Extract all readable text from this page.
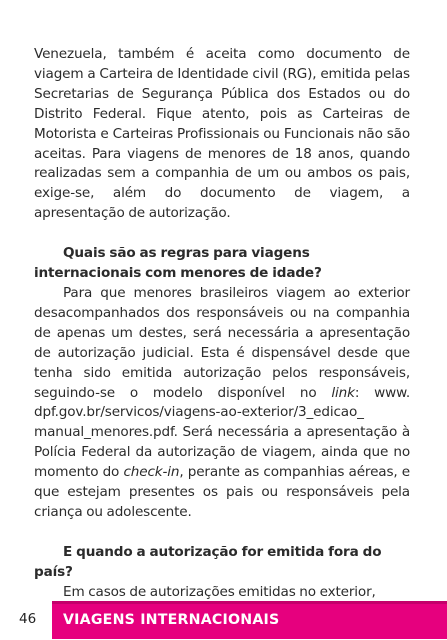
Venezuela, também é aceita como documento de viagem a Carteira de Identidade civil (RG), emitida pelas Secretarias de Segurança Pública dos Estados ou do Distrito Federal. Fique atento, pois as Carteiras de Motorista e Carteiras Profissionais ou Funcionais não são aceitas. Para viagens de menores de 18 anos, quando realizadas sem a companhia de um ou ambos os pais, exige-se, além do documento de viagem, a apresentação de autorização.

Quais são as regras para viagens internacionais com menores de idade?

Para que menores brasileiros viagem ao exterior desacompanhados dos responsáveis ou na companhia de apenas um destes, será necessária a apresentação de autorização judicial. Esta é dispensável desde que tenha sido emitida autorização pelos responsáveis, seguindo-se o modelo disponível no link: www. dpf.gov.br/servicos/viagens-ao-exterior/3_edicao_ manual_menores.pdf. Será necessária a apresentação à Polícia Federal da autorização de viagem, ainda que no momento do check-in, perante as companhias aéreas, e que estejam presentes os pais ou responsáveis pela criança ou adolescente.

E quando a autorização for emitida fora do país?

Em casos de autorizações emitidas no exterior,

46 VIAGENS INTERNACIONAIS
